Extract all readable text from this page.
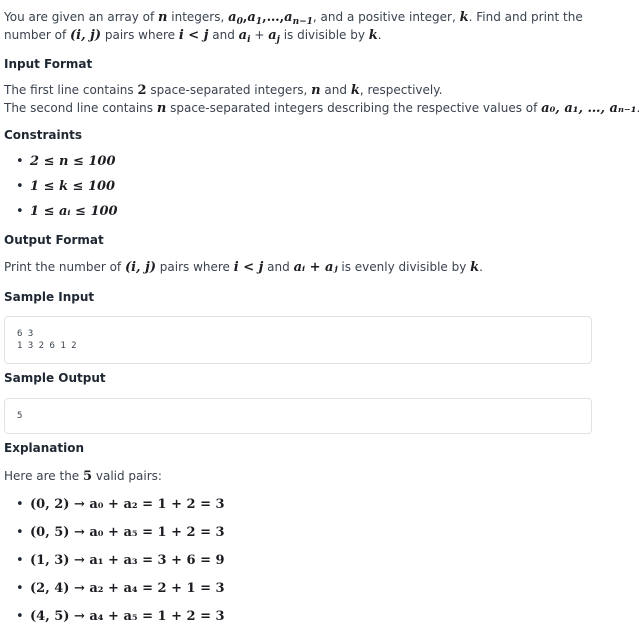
You are given an array of n integers, $a_0,a_1,\dots,a_{n-1}$, and a positive integer, k. Find and print the
number of (i, j) pairs where i < j and $a_i + a_j$ is divisible by k.
Input Format
The first line contains 2 space-separated integers, n and k, respectively.
The second line contains n space-separated integers describing the respective values of a₀, a₁, …, aₙ₋₁.
Constraints
• 2 ≤ n ≤ 100
• 1 ≤ k ≤ 100
• 1 ≤ aᵢ ≤ 100
Output Format
Print the number of (i, j) pairs where i < j and aᵢ + aⱼ is evenly divisible by k.
Sample Input
6 3
1 3 2 6 1 2
Sample Output
5
Explanation
Here are the 5 valid pairs:
• (0, 2) → a₀ + a₂ = 1 + 2 = 3
• (0, 5) → a₀ + a₅ = 1 + 2 = 3
• (1, 3) → a₁ + a₃ = 3 + 6 = 9
• (2, 4) → a₂ + a₄ = 2 + 1 = 3
• (4, 5) → a₄ + a₅ = 1 + 2 = 3
